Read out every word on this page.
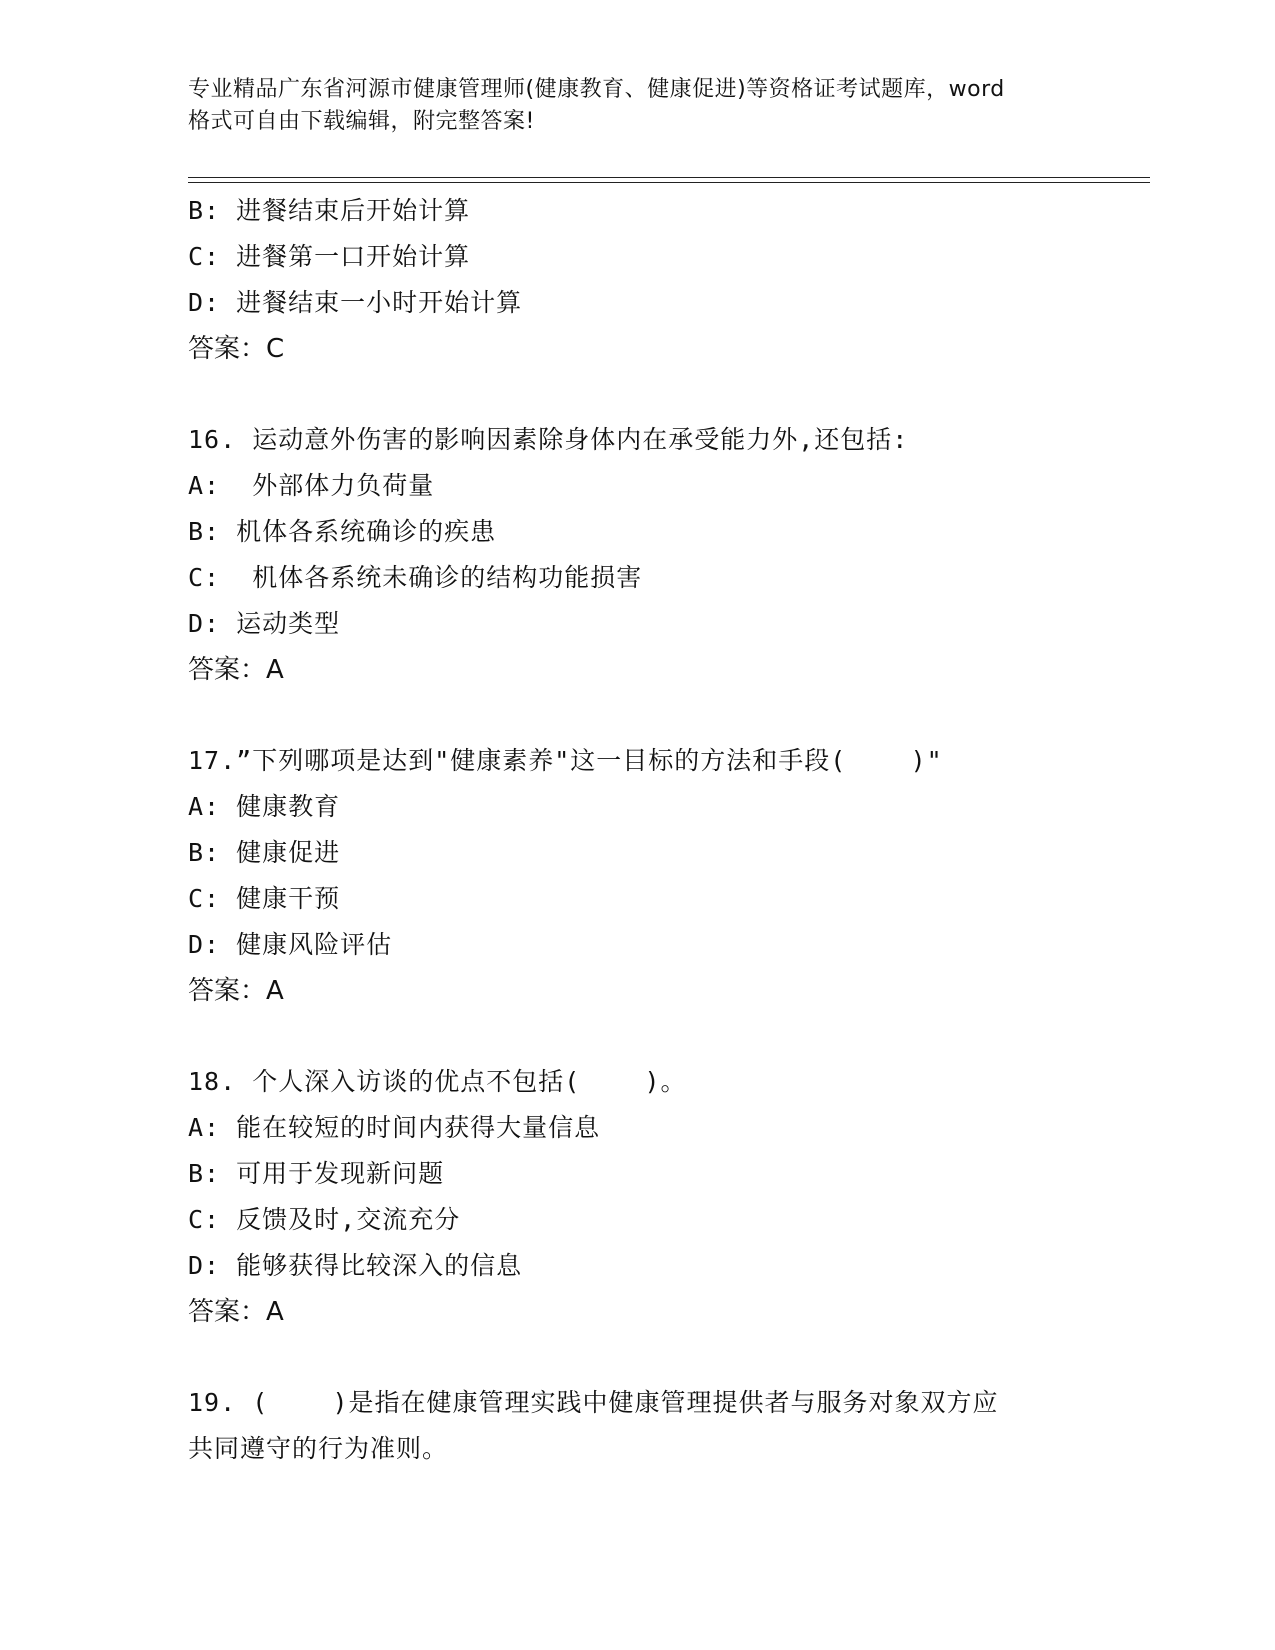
专业精品广东省河源市健康管理师(健康教育、健康促进)等资格证考试题库，word
格式可自由下载编辑，附完整答案!
B: 进餐结束后开始计算
C: 进餐第一口开始计算
D: 进餐结束一小时开始计算
答案：C
16. 运动意外伤害的影响因素除身体内在承受能力外,还包括:
A:  外部体力负荷量
B: 机体各系统确诊的疾患
C:  机体各系统未确诊的结构功能损害
D: 运动类型
答案：A
17.”下列哪项是达到"健康素养"这一目标的方法和手段(    )"
A: 健康教育
B: 健康促进
C: 健康干预
D: 健康风险评估
答案：A
18. 个人深入访谈的优点不包括(    )。
A: 能在较短的时间内获得大量信息
B: 可用于发现新问题
C: 反馈及时,交流充分
D: 能够获得比较深入的信息
答案：A
19. (    )是指在健康管理实践中健康管理提供者与服务对象双方应
共同遵守的行为准则。
